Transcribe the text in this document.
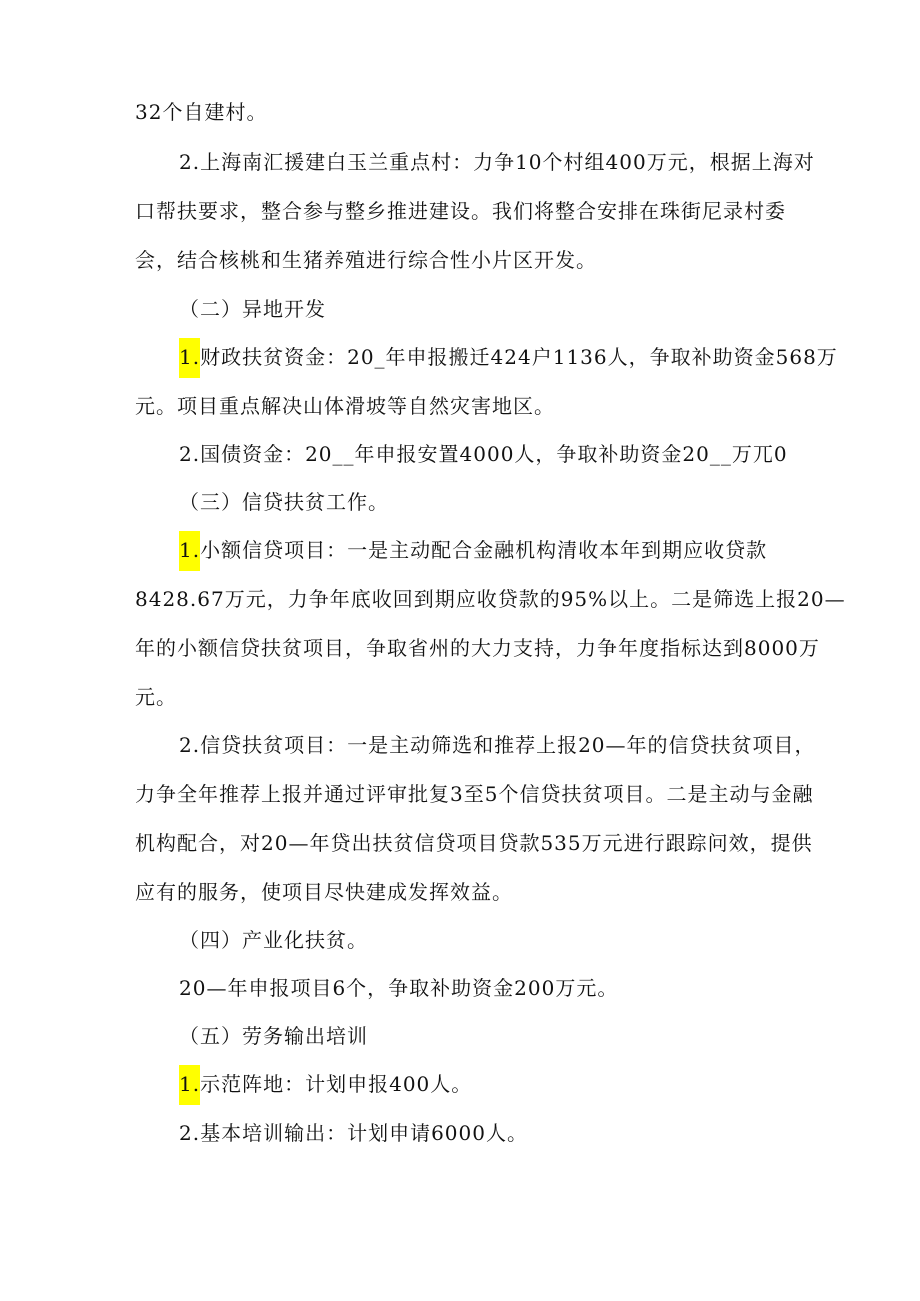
32个自建村。
2.上海南汇援建白玉兰重点村：力争10个村组400万元，根据上海对
口帮扶要求，整合参与整乡推进建设。我们将整合安排在珠街尼录村委
会，结合核桃和生猪养殖进行综合性小片区开发。
（二）异地开发
1.财政扶贫资金：20_年申报搬迁424户1136人，争取补助资金568万
元。项目重点解决山体滑坡等自然灾害地区。
2.国债资金：20__年申报安置4000人，争取补助资金20__万兀0
（三）信贷扶贫工作。
1.小额信贷项目：一是主动配合金融机构清收本年到期应收贷款
8428.67万元，力争年底收回到期应收贷款的95%以上。二是筛选上报20—
年的小额信贷扶贫项目，争取省州的大力支持，力争年度指标达到8000万
元。
2.信贷扶贫项目：一是主动筛选和推荐上报20—年的信贷扶贫项目，
力争全年推荐上报并通过评审批复3至5个信贷扶贫项目。二是主动与金融
机构配合，对20—年贷出扶贫信贷项目贷款535万元进行跟踪问效，提供
应有的服务，使项目尽快建成发挥效益。
（四）产业化扶贫。
20—年申报项目6个，争取补助资金200万元。
（五）劳务输出培训
1.示范阵地：计划申报400人。
2.基本培训输出：计划申请6000人。
